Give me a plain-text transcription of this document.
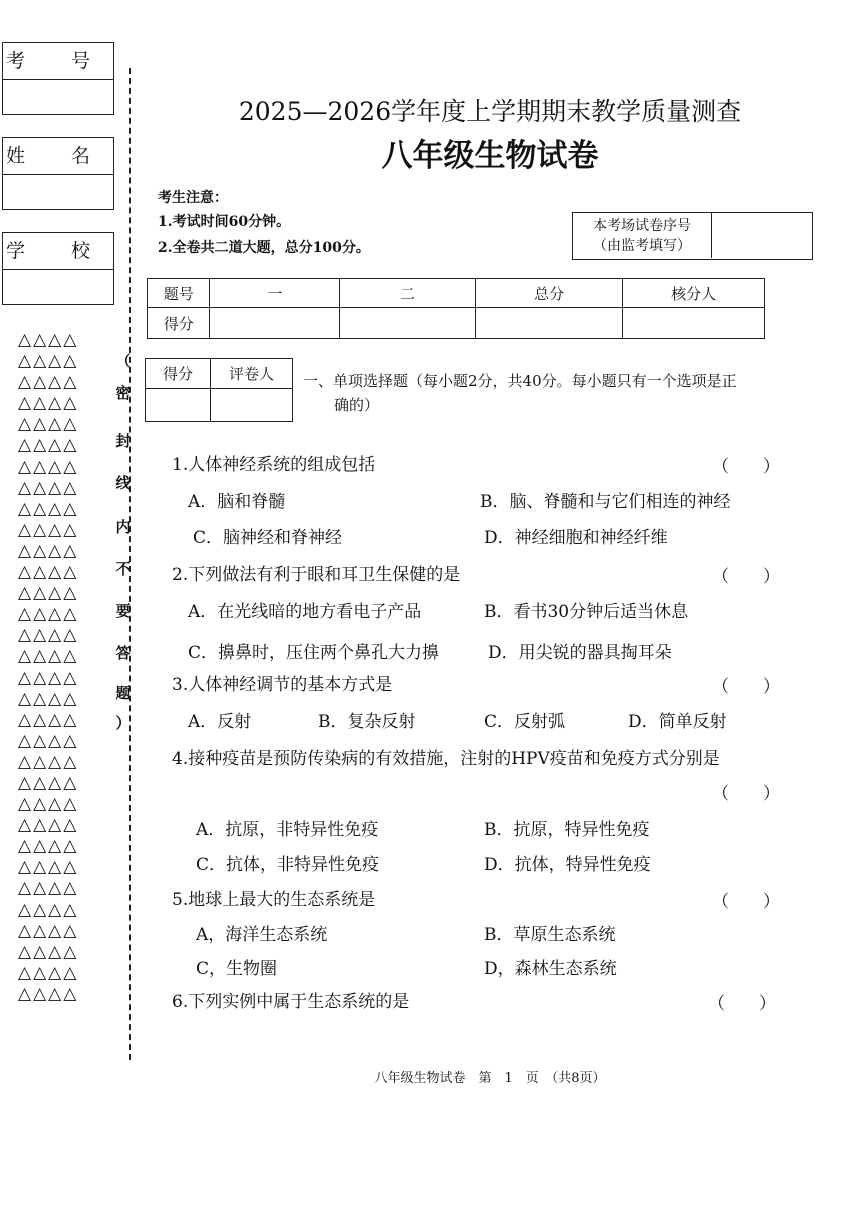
考 号
姓 名
学 校
△△△△
△△△△
△△△△
△△△△
△△△△
△△△△
△△△△
△△△△
△△△△
△△△△
△△△△
△△△△
△△△△
△△△△
△△△△
△△△△
△△△△
△△△△
△△△△
△△△△
△△△△
△△△△
△△△△
△△△△
△△△△
△△△△
△△△△
△△△△
△△△△
△△△△
△△△△
△△△△
（
密
封
线
内
不
要
答
题
）
2025—2026学年度上学期期末教学质量测查
八年级生物试卷
考生注意：
1.考试时间60分钟。
2.全卷共二道大题，总分100分。
本考场试卷序号
（由监考填写）
题号	一	二	总分	核分人
得分				
得分	评卷人
	一、单项选择题（每小题2分，共40分。每小题只有一个选项是正
确的）
1.人体神经系统的组成包括	（　　）
A．脑和脊髓	B．脑、脊髓和与它们相连的神经
C．脑神经和脊神经	D．神经细胞和神经纤维
2.下列做法有利于眼和耳卫生保健的是	（　　）
A．在光线暗的地方看电子产品	B．看书30分钟后适当休息
C．擤鼻时，压住两个鼻孔大力擤	D．用尖锐的器具掏耳朵
3.人体神经调节的基本方式是	（　　）
A．反射	B．复杂反射	C．反射弧	D．简单反射
4.接种疫苗是预防传染病的有效措施，注射的HPV疫苗和免疫方式分别是
（　　）
A．抗原，非特异性免疫	B．抗原，特异性免疫
C．抗体，非特异性免疫	D．抗体，特异性免疫
5.地球上最大的生态系统是	（　　）
A，海洋生态系统	B．草原生态系统
C，生物圈	D，森林生态系统
6.下列实例中属于生态系统的是	（　　）
八年级生物试卷　第　1　页　（共8页）
